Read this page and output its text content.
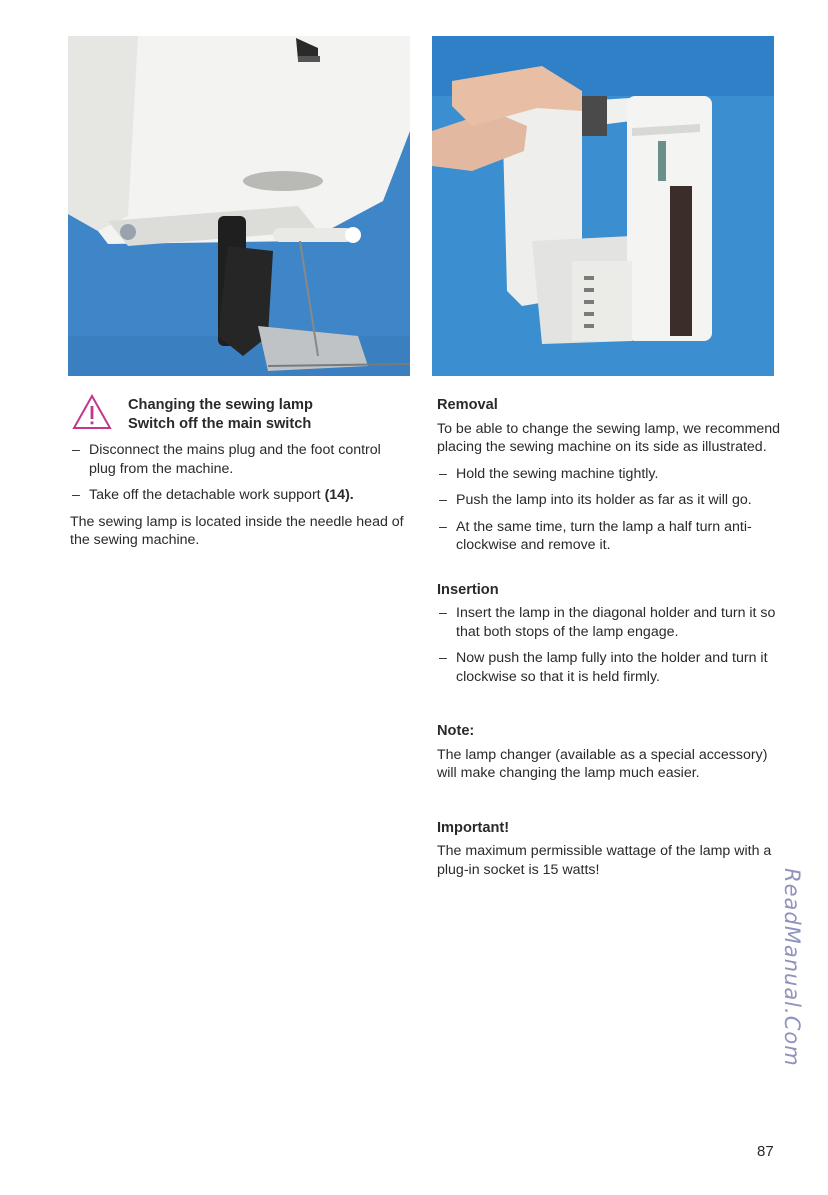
Changing the sewing lamp
Switch off the main switch

– Disconnect the mains plug and the foot control plug from the machine.

– Take off the detachable work support (14).

The sewing lamp is located inside the needle head of the sewing machine.

Removal

To be able to change the sewing lamp, we recommend placing the sewing machine on its side as illustrated.

– Hold the sewing machine tightly.

– Push the lamp into its holder as far as it will go.

– At the same time, turn the lamp a half turn anti-clockwise and remove it.

Insertion

– Insert the lamp in the diagonal holder and turn it so that both stops of the lamp engage.

– Now push the lamp fully into the holder and turn it clockwise so that it is held firmly.

Note:

The lamp changer (available as a special accessory) will make changing the lamp much easier.

Important!

The maximum permissible wattage of the lamp with a plug-in socket is 15 watts!	ReadManual.Com
87
